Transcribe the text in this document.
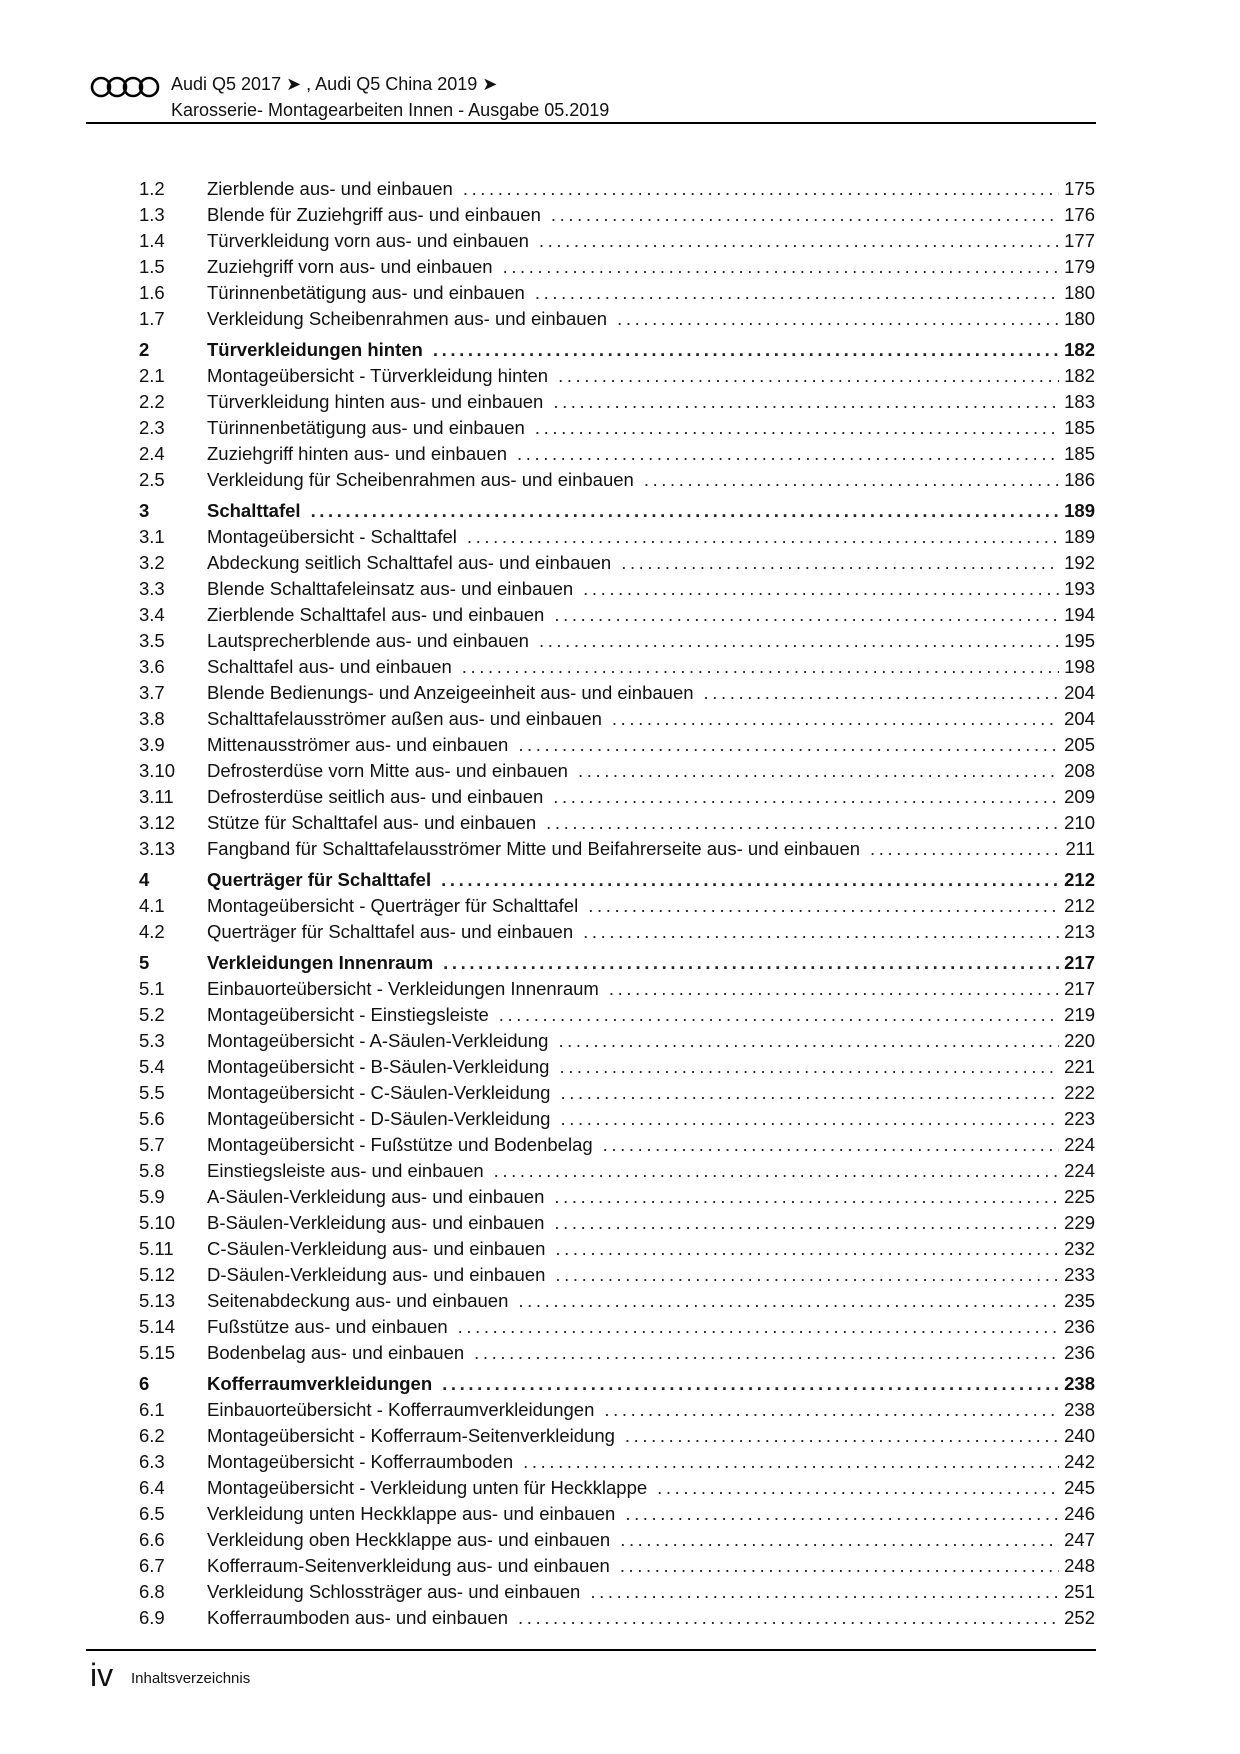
Audi Q5 2017 ➤ , Audi Q5 China 2019 ➤
Karosserie- Montagearbeiten Innen - Ausgabe 05.2019
1.2	Zierblende aus- und einbauen .....	175
1.3	Blende für Zuziehgriff aus- und einbauen .....	176
1.4	Türverkleidung vorn aus- und einbauen .....	177
1.5	Zuziehgriff vorn aus- und einbauen .....	179
1.6	Türinnenbetätigung aus- und einbauen .....	180
1.7	Verkleidung Scheibenrahmen aus- und einbauen .....	180
2	Türverkleidungen hinten .....	182
2.1	Montageübersicht - Türverkleidung hinten .....	182
2.2	Türverkleidung hinten aus- und einbauen .....	183
2.3	Türinnenbetätigung aus- und einbauen .....	185
2.4	Zuziehgriff hinten aus- und einbauen .....	185
2.5	Verkleidung für Scheibenrahmen aus- und einbauen .....	186
3	Schalttafel .....	189
3.1	Montageübersicht - Schalttafel .....	189
3.2	Abdeckung seitlich Schalttafel aus- und einbauen .....	192
3.3	Blende Schalttafeleinsatz aus- und einbauen .....	193
3.4	Zierblende Schalttafel aus- und einbauen .....	194
3.5	Lautsprecherblende aus- und einbauen .....	195
3.6	Schalttafel aus- und einbauen .....	198
3.7	Blende Bedienungs- und Anzeigeeinheit aus- und einbauen .....	204
3.8	Schalttafelausströmer außen aus- und einbauen .....	204
3.9	Mittenausströmer aus- und einbauen .....	205
3.10	Defrosterdüse vorn Mitte aus- und einbauen .....	208
3.11	Defrosterdüse seitlich aus- und einbauen .....	209
3.12	Stütze für Schalttafel aus- und einbauen .....	210
3.13	Fangband für Schalttafelausströmer Mitte und Beifahrerseite aus- und einbauen .....	211
4	Querträger für Schalttafel .....	212
4.1	Montageübersicht - Querträger für Schalttafel .....	212
4.2	Querträger für Schalttafel aus- und einbauen .....	213
5	Verkleidungen Innenraum .....	217
5.1	Einbauorteübersicht - Verkleidungen Innenraum .....	217
5.2	Montageübersicht - Einstiegsleiste .....	219
5.3	Montageübersicht - A-Säulen-Verkleidung .....	220
5.4	Montageübersicht - B-Säulen-Verkleidung .....	221
5.5	Montageübersicht - C-Säulen-Verkleidung .....	222
5.6	Montageübersicht - D-Säulen-Verkleidung .....	223
5.7	Montageübersicht - Fußstütze und Bodenbelag .....	224
5.8	Einstiegsleiste aus- und einbauen .....	224
5.9	A-Säulen-Verkleidung aus- und einbauen .....	225
5.10	B-Säulen-Verkleidung aus- und einbauen .....	229
5.11	C-Säulen-Verkleidung aus- und einbauen .....	232
5.12	D-Säulen-Verkleidung aus- und einbauen .....	233
5.13	Seitenabdeckung aus- und einbauen .....	235
5.14	Fußstütze aus- und einbauen .....	236
5.15	Bodenbelag aus- und einbauen .....	236
6	Kofferraumverkleidungen .....	238
6.1	Einbauorteübersicht - Kofferraumverkleidungen .....	238
6.2	Montageübersicht - Kofferraum-Seitenverkleidung .....	240
6.3	Montageübersicht - Kofferraumboden .....	242
6.4	Montageübersicht - Verkleidung unten für Heckklappe .....	245
6.5	Verkleidung unten Heckklappe aus- und einbauen .....	246
6.6	Verkleidung oben Heckklappe aus- und einbauen .....	247
6.7	Kofferraum-Seitenverkleidung aus- und einbauen .....	248
6.8	Verkleidung Schlossträger aus- und einbauen .....	251
6.9	Kofferraumboden aus- und einbauen .....	252
iv Inhaltsverzeichnis
